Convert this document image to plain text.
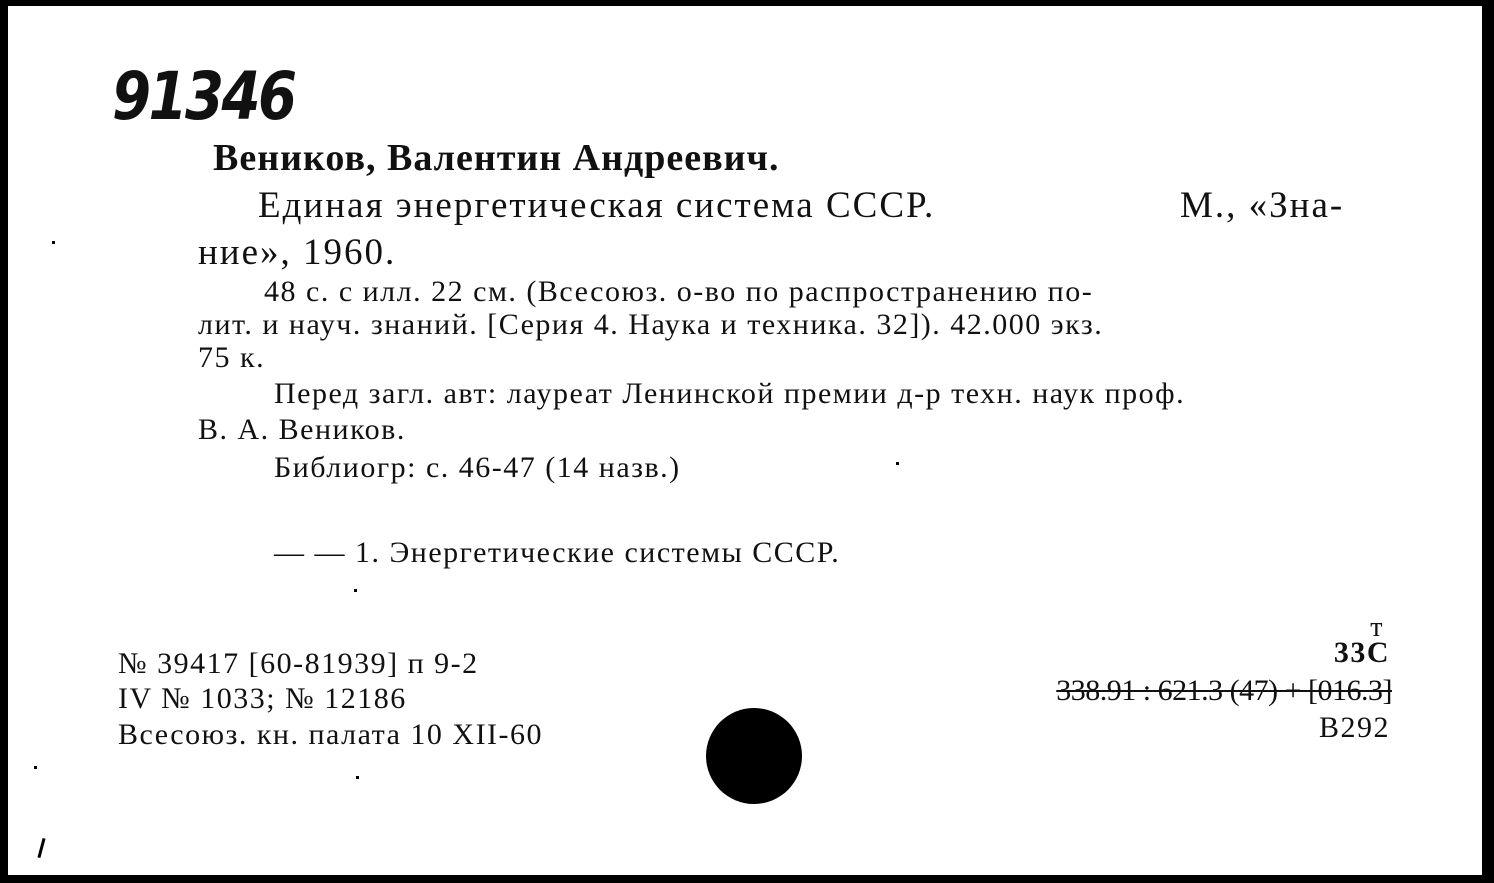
91346
Веников, Валентин Андреевич.
Единая энергетическая система СССР.	М., «Зна-
ние», 1960.
48 с. с илл. 22 см. (Всесоюз. о-во по распространению по-
лит. и науч. знаний. [Серия 4. Наука и техника. 32]). 42.000 экз.
75 к.
Перед загл. авт: лауреат Ленинской премии д-р техн. наук проф.
В. А. Веников.
Библиогр: с. 46-47 (14 назв.)
— — 1. Энергетические системы СССР.
№ 39417 [60-81939] п 9-2
IV № 1033; № 12186
Всесоюз. кн. палата 10 XII-60
т
33С
338.91 : 621.3 (47) + [016.3]
В292
